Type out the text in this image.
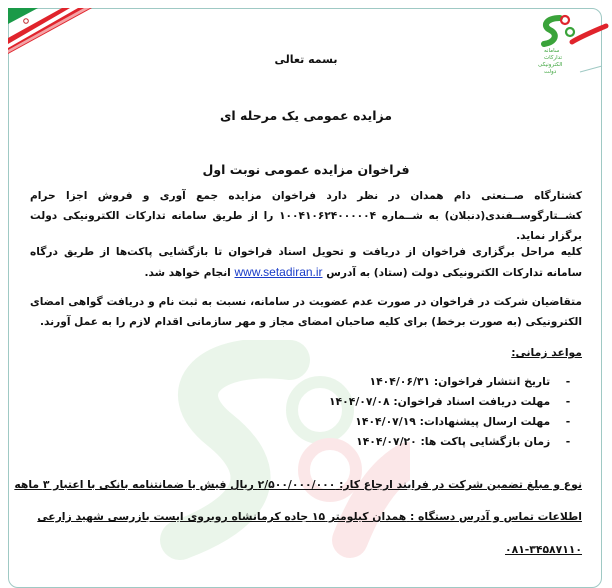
سامانه
تدارکات
الکترونیکی
دولت
بسمه تعالی
مزایده عمومی یک مرحله ای
فراخوان مزایده عمومی نوبت اول
کشتارگاه صــنعتی دام همدان در نظر دارد فراخوان مزایده جمع آوری و فروش اجزا حرام کشــتارگوســفندی(دنبلان) به شــماره ۱۰۰۴۱۰۶۲۴۰۰۰۰۰۴ را از طریق سامانه تدارکات الکترونیکی دولت برگزار نماید.
کلیه مراحل برگزاری فراخوان از دریافت و تحویل اسناد فراخوان تا بازگشایی پاکت‌ها از طریق درگاه سامانه تدارکات الکترونیکی دولت (ستاد) به آدرس www.setadiran.ir انجام خواهد شد.
متقاضیان شرکت در فراخوان در صورت عدم عضویت در سامانه، نسبت به ثبت نام و دریافت گواهی امضای الکترونیکی (به صورت برخط) برای کلیه صاحبان امضای مجاز و مهر سازمانی اقدام لازم را به عمل آورند.
مواعد زمانی:
- تاریخ انتشار فراخوان: ۱۴۰۴/۰۶/۳۱
- مهلت دریافت اسناد فراخوان: ۱۴۰۴/۰۷/۰۸
- مهلت ارسال پیشنهادات: ۱۴۰۴/۰۷/۱۹
- زمان بازگشایی پاکت ها: ۱۴۰۴/۰۷/۲۰
نوع و مبلغ تضمین شرکت در فرایند ارجاع کار: ۲/۵۰۰/۰۰۰/۰۰۰ ریال فیش یا ضمانتنامه بانکی با اعتبار ۳ ماهه
اطلاعات تماس و آدرس دستگاه : همدان کیلومتر ۱۵ جاده کرمانشاه روبروی ایست بازرسی شهید زارعی
۰۸۱-۳۴۵۸۷۱۱۰
